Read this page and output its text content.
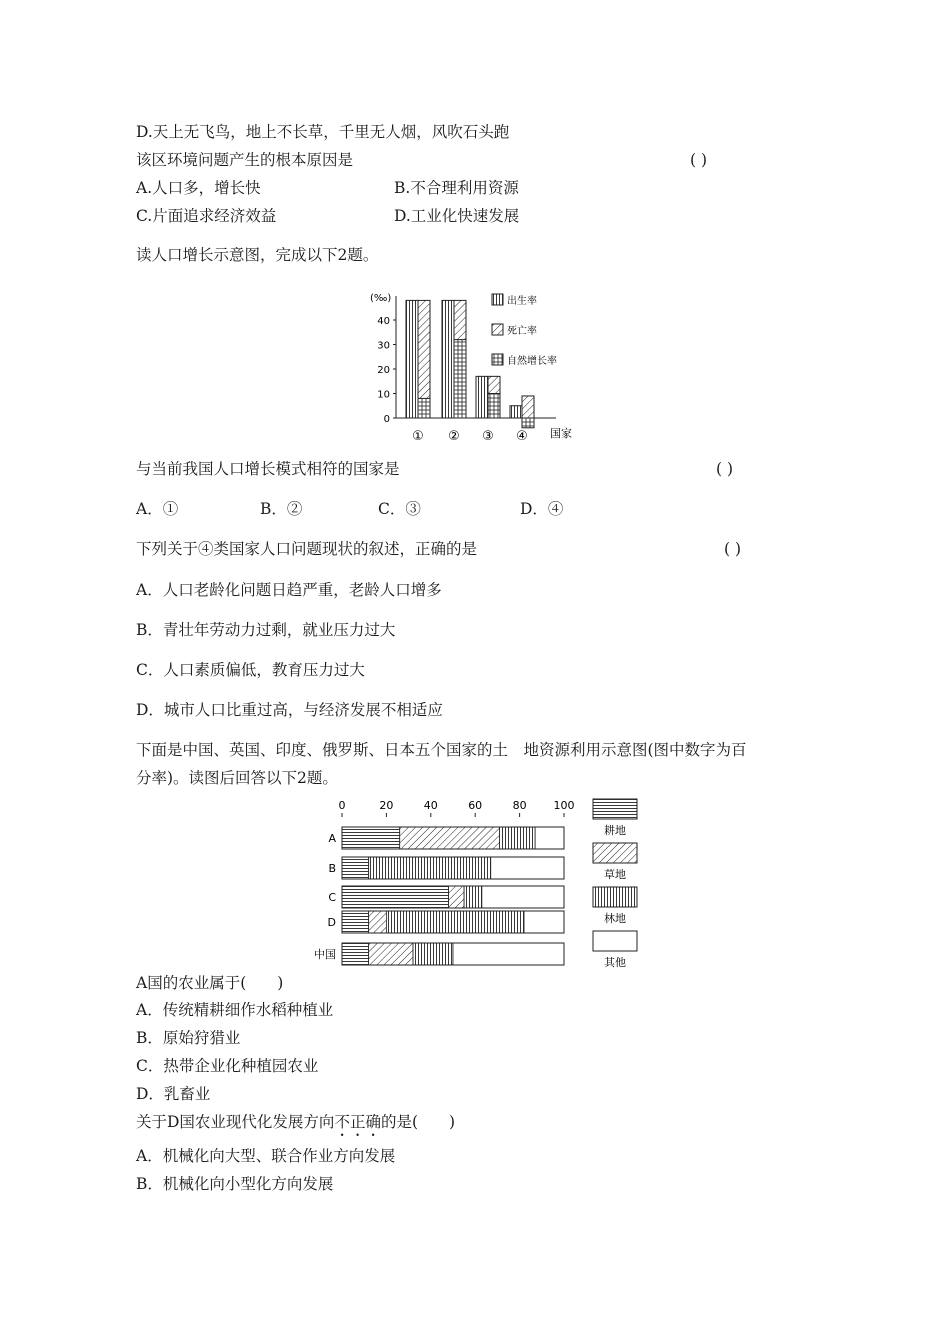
D.天上无飞鸟，地上不长草，千里无人烟，风吹石头跑
该区环境问题产生的根本原因是	( )
A.人口多，增长快	B.不合理利用资源
C.片面追求经济效益	D.工业化快速发展
读人口增长示意图，完成以下2题。
(‰)
0
10
20
30
40
① ② ③ ④ 国家
出生率
死亡率
自然增长率
与当前我国人口增长模式相符的国家是	( )
A．①	B．②	C．③	D．④
下列关于④类国家人口问题现状的叙述，正确的是	( )
A．人口老龄化问题日趋严重，老龄人口增多
B．青壮年劳动力过剩，就业压力过大
C．人口素质偏低，教育压力过大
D．城市人口比重过高，与经济发展不相适应
下面是中国、英国、印度、俄罗斯、日本五个国家的土　地资源利用示意图(图中数字为百
分率)。读图后回答以下2题。
0	20	40	60	80 100
A
B
C
D
中国
耕地
草地
林地
其他
A国的农业属于(　　)
A．传统精耕细作水稻种植业
B．原始狩猎业
C．热带企业化种植园农业
D．乳畜业
关于D国农业现代化发展方向不正确的是(　　)
A．机械化向大型、联合作业方向发展
B．机械化向小型化方向发展
